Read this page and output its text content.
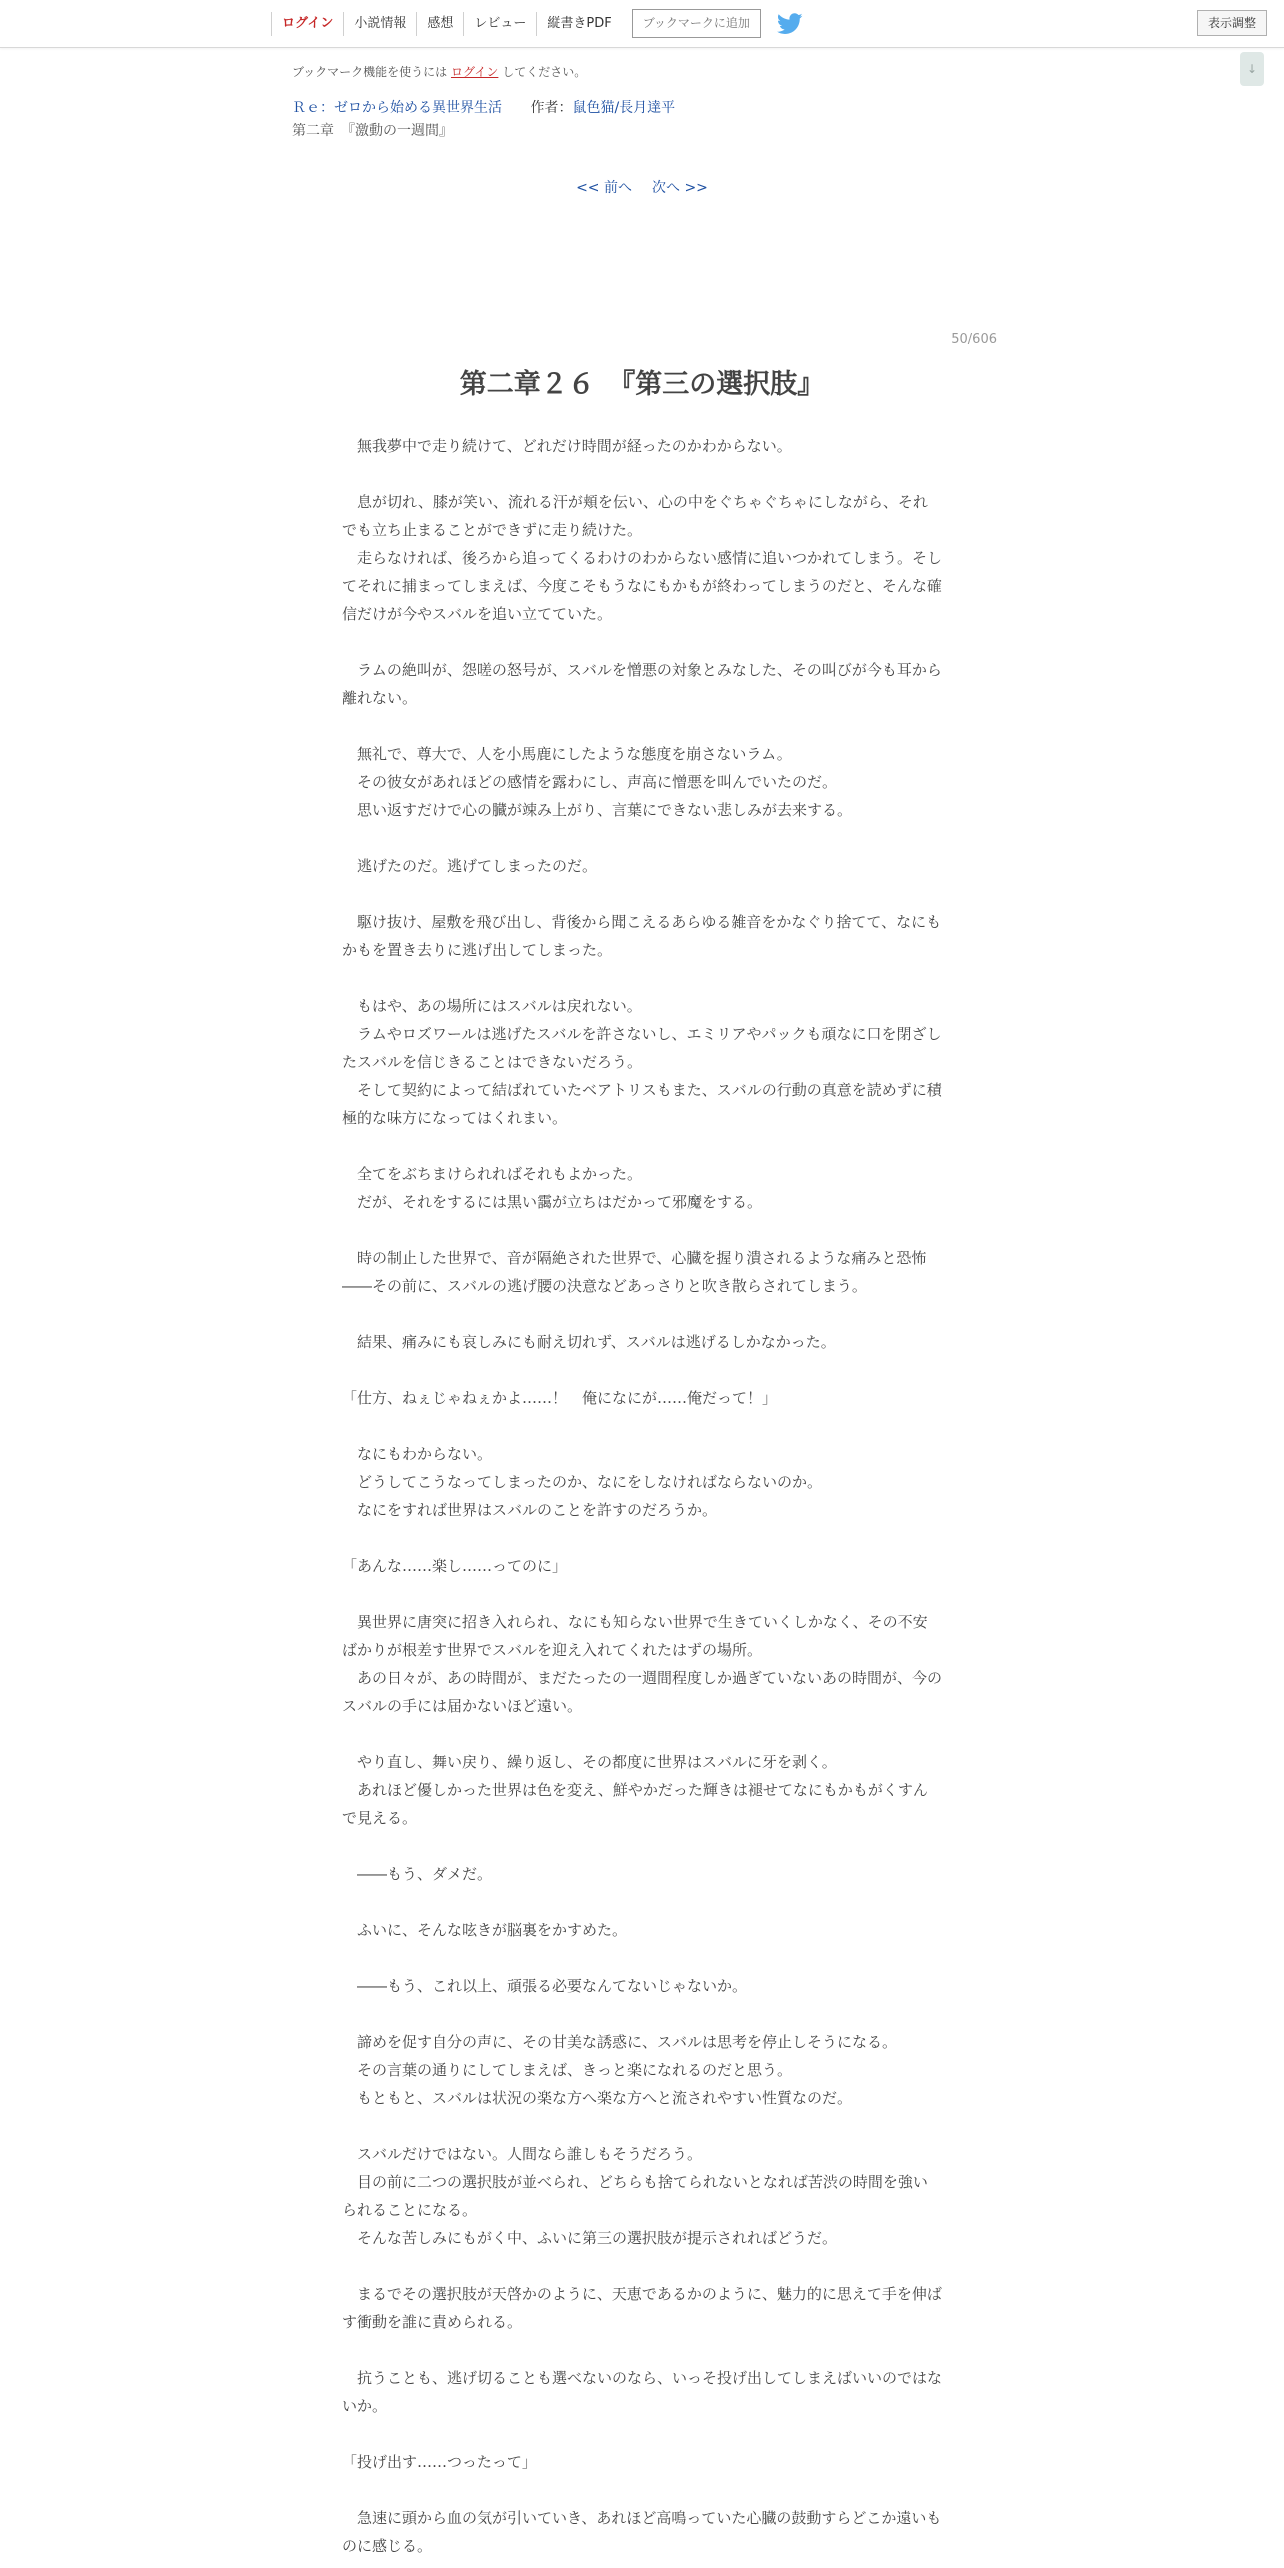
ログイン	小説情報	感想	レビュー	縦書きPDF	ブックマークに追加	表示調整
↓
ブックマーク機能を使うには ログイン してください。
Ｒｅ：ゼロから始める異世界生活 作者：鼠色猫/長月達平
第二章　『激動の一週間』
<< 前へ 次へ >>
50/606
第二章２６　『第三の選択肢』

　無我夢中で走り続けて、どれだけ時間が経ったのかわからない。

　息が切れ、膝が笑い、流れる汗が頬を伝い、心の中をぐちゃぐちゃにしながら、それでも立ち止まることができずに走り続けた。

　走らなければ、後ろから追ってくるわけのわからない感情に追いつかれてしまう。そしてそれに捕まってしまえば、今度こそもうなにもかもが終わってしまうのだと、そんな確信だけが今やスバルを追い立てていた。

　ラムの絶叫が、怨嗟の怒号が、スバルを憎悪の対象とみなした、その叫びが今も耳から離れない。

　無礼で、尊大で、人を小馬鹿にしたような態度を崩さないラム。

　その彼女があれほどの感情を露わにし、声高に憎悪を叫んでいたのだ。

　思い返すだけで心の臓が竦み上がり、言葉にできない悲しみが去来する。

　逃げたのだ。逃げてしまったのだ。

　駆け抜け、屋敷を飛び出し、背後から聞こえるあらゆる雑音をかなぐり捨てて、なにもかもを置き去りに逃げ出してしまった。

　もはや、あの場所にはスバルは戻れない。

　ラムやロズワールは逃げたスバルを許さないし、エミリアやパックも頑なに口を閉ざしたスバルを信じきることはできないだろう。

　そして契約によって結ばれていたベアトリスもまた、スバルの行動の真意を読めずに積極的な味方になってはくれまい。

　全てをぶちまけられればそれもよかった。

　だが、それをするには黒い靄が立ちはだかって邪魔をする。

　時の制止した世界で、音が隔絶された世界で、心臓を握り潰されるような痛みと恐怖――その前に、スバルの逃げ腰の決意などあっさりと吹き散らされてしまう。

　結果、痛みにも哀しみにも耐え切れず、スバルは逃げるしかなかった。

「仕方、ねぇじゃねぇかよ……！　俺になにが……俺だって！」

　なにもわからない。

　どうしてこうなってしまったのか、なにをしなければならないのか。

　なにをすれば世界はスバルのことを許すのだろうか。

「あんな……楽し……ってのに」

　異世界に唐突に招き入れられ、なにも知らない世界で生きていくしかなく、その不安ばかりが根差す世界でスバルを迎え入れてくれたはずの場所。

　あの日々が、あの時間が、まだたったの一週間程度しか過ぎていないあの時間が、今のスバルの手には届かないほど遠い。

　やり直し、舞い戻り、繰り返し、その都度に世界はスバルに牙を剥く。

　あれほど優しかった世界は色を変え、鮮やかだった輝きは褪せてなにもかもがくすんで見える。

　――もう、ダメだ。

　ふいに、そんな呟きが脳裏をかすめた。

　――もう、これ以上、頑張る必要なんてないじゃないか。

　諦めを促す自分の声に、その甘美な誘惑に、スバルは思考を停止しそうになる。

　その言葉の通りにしてしまえば、きっと楽になれるのだと思う。

　もともと、スバルは状況の楽な方へ楽な方へと流されやすい性質なのだ。

　スバルだけではない。人間なら誰しもそうだろう。

　目の前に二つの選択肢が並べられ、どちらも捨てられないとなれば苦渋の時間を強いられることになる。

　そんな苦しみにもがく中、ふいに第三の選択肢が提示されればどうだ。

　まるでその選択肢が天啓かのように、天恵であるかのように、魅力的に思えて手を伸ばす衝動を誰に責められる。

　抗うことも、逃げ切ることも選べないのなら、いっそ投げ出してしまえばいいのではないか。

「投げ出す……つったって」

　急速に頭から血の気が引いていき、あれほど高鳴っていた心臓の鼓動すらどこか遠いものに感じる。
